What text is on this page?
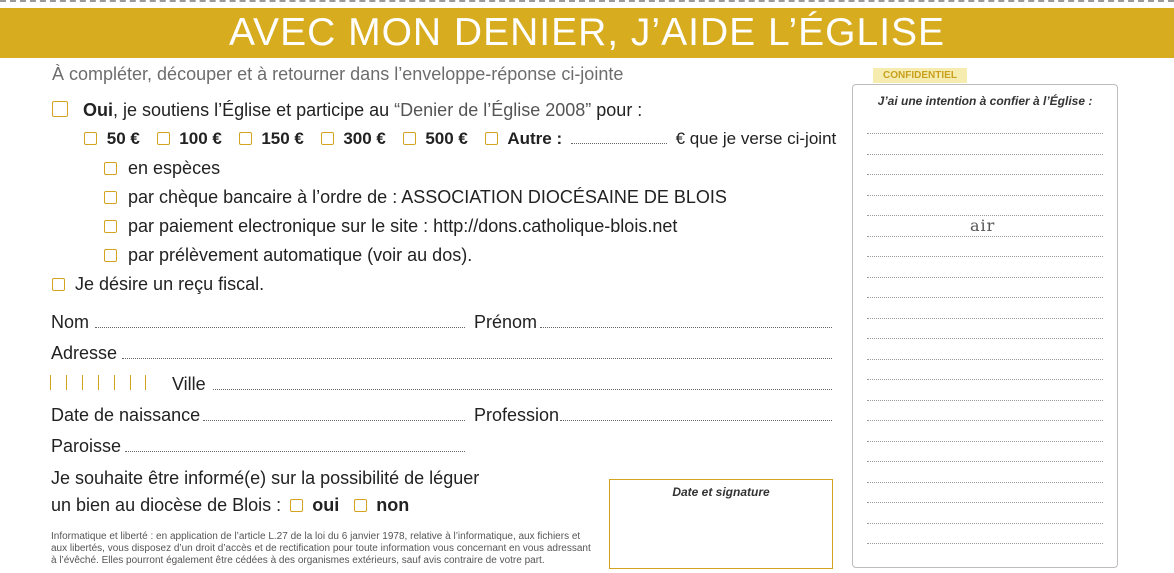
AVEC MON DENIER, J’AIDE L’ÉGLISE
À compléter, découper et à retourner dans l’enveloppe-réponse ci-jointe
Oui, je soutiens l’Église et participe au “Denier de l’Église 2008” pour :
50 € 100 € 150 € 300 € 500 € Autre :	€ que je verse ci-joint
en espèces
par chèque bancaire à l’ordre de : ASSOCIATION DIOCÉSAINE DE BLOIS
par paiement electronique sur le site : http://dons.catholique-blois.net
par prélèvement automatique (voir au dos).
Je désire un reçu fiscal.
Nom	Prénom
Adresse
Ville
Date de naissance	Profession
Paroisse
Je souhaite être informé(e) sur la possibilité de léguer
un bien au diocèse de Blois : oui non
Informatique et liberté : en application de l’article L.27 de la loi du 6 janvier 1978, relative à l’informatique, aux fichiers et aux libertés, vous disposez d’un droit d’accès et de rectification pour toute information vous concernant en vous adressant à l’évêché. Elles pourront également être cédées à des organismes extérieurs, sauf avis contraire de votre part.
Date et signature
J’ai une intention à confier à l’Église :
CONFIDENTIEL
air
